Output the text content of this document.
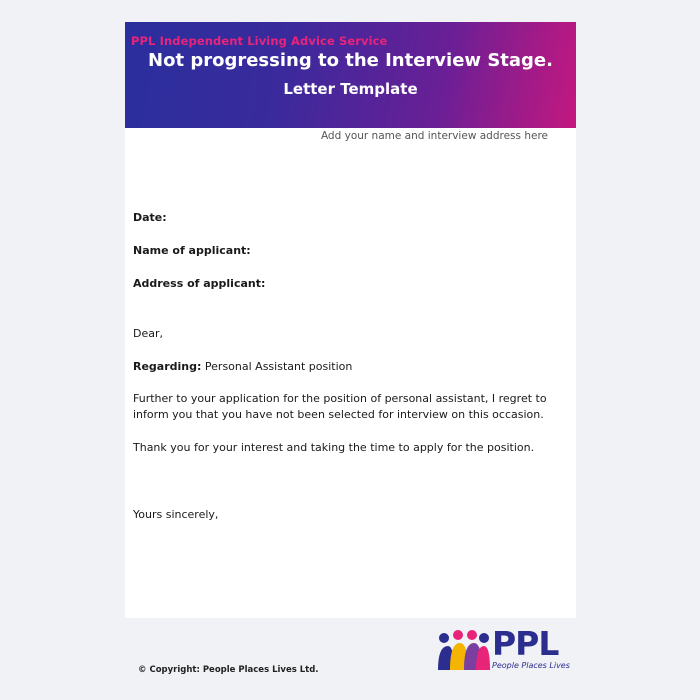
PPL Independent Living Advice Service
Not progressing to the Interview Stage.
Letter Template
Add your name and interview address here
Date:
Name of applicant:
Address of applicant:
Dear,
Regarding: Personal Assistant position
Further to your application for the position of personal assistant, I regret to
inform you that you have not been selected for interview on this occasion.
Thank you for your interest and taking the time to apply for the position.
Yours sincerely,
© Copyright: People Places Lives Ltd.
PPL
People Places Lives
